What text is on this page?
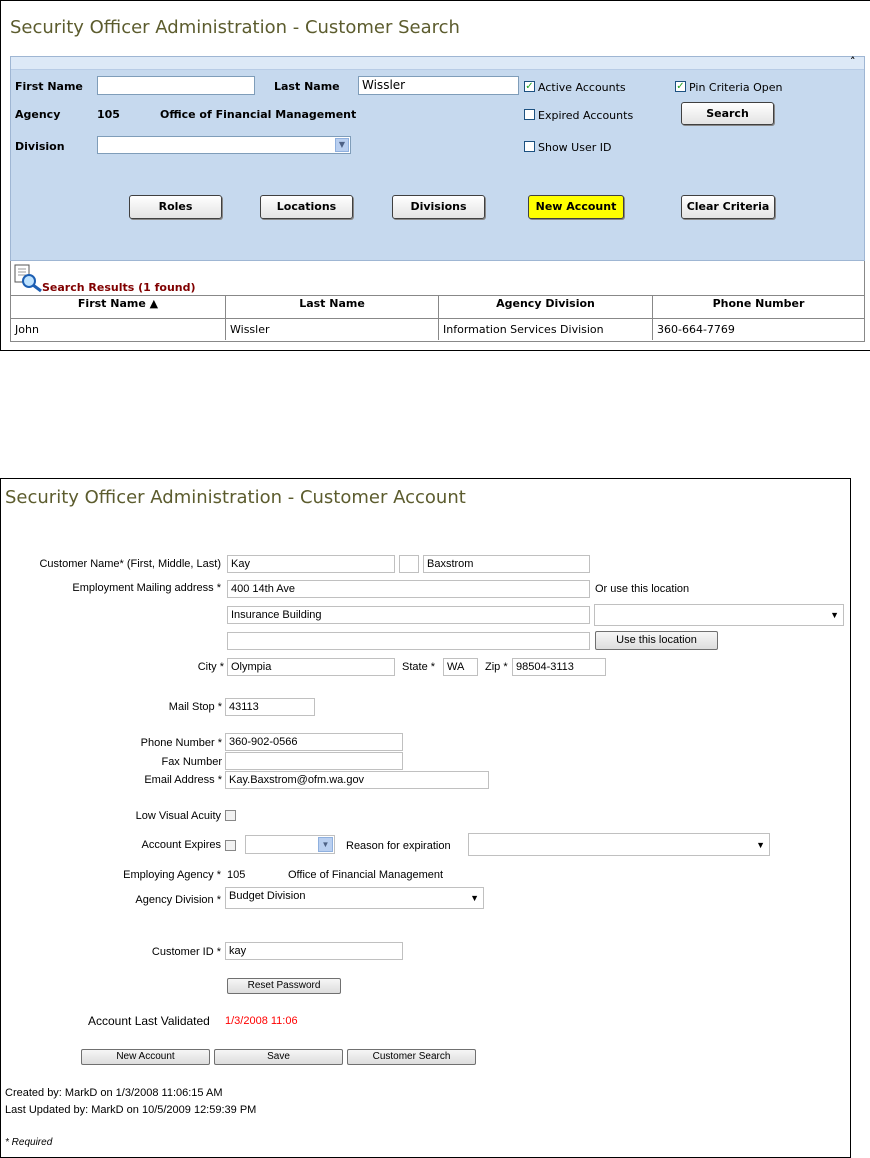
Security Officer Administration - Customer Search
˄
First Name	Last Name	Wissler	✓ Active Accounts	✓ Pin Criteria Open
Agency	105	Office of Financial Management	Expired Accounts	Search
Division	▼	Show User ID
Roles	Locations	Divisions	New Account	Clear Criteria
Search Results (1 found)
First Name ▲	Last Name	Agency Division	Phone Number
John	Wissler	Information Services Division	360-664-7769
Security Officer Administration - Customer Account
Customer Name* (First, Middle, Last) Kay	Baxstrom
Employment Mailing address * 400 14th Ave	Or use this location
Insurance Building	▼
Use this location
City * Olympia	State *	WA	Zip * 98504-3113
Mail Stop * 43113
Phone Number * 360-902-0566
Fax Number
Email Address * Kay.Baxstrom@ofm.wa.gov
Low Visual Acuity
Account Expires	▼	Reason for expiration	▼
Employing Agency * 105	Office of Financial Management
Agency Division * Budget Division	▼
Customer ID * kay
Reset Password
Account Last Validated 1/3/2008 11:06
New Account	Save	Customer Search
Created by: MarkD on 1/3/2008 11:06:15 AM
Last Updated by: MarkD on 10/5/2009 12:59:39 PM
* Required
